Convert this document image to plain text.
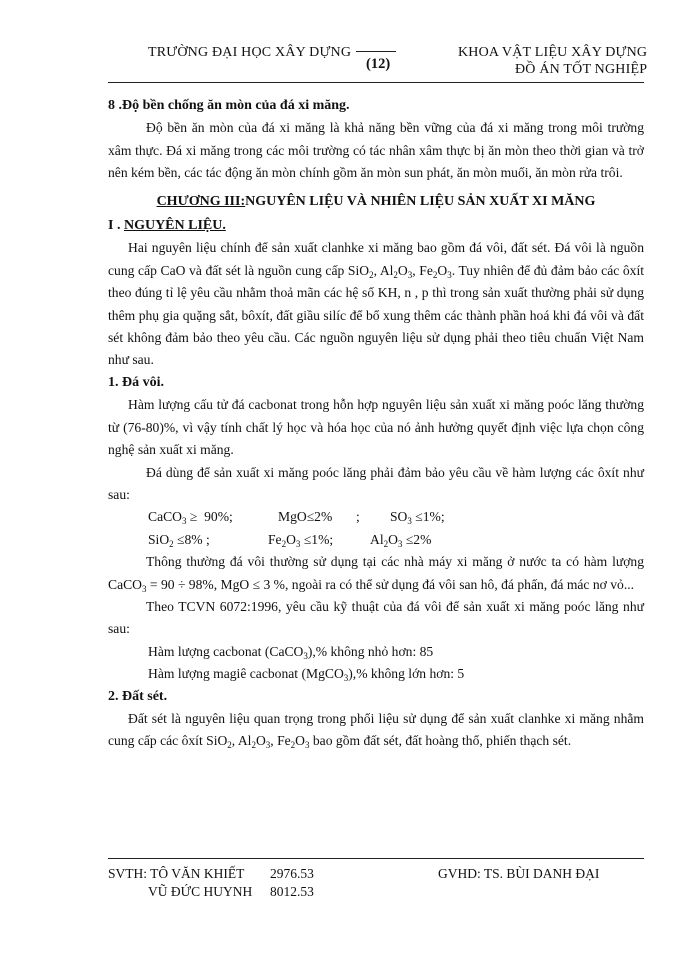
TRƯỜNG ĐẠI HỌC XÂY DỰNG
(12)
KHOA VẬT LIỆU XÂY DỰNG
ĐỒ ÁN TỐT NGHIỆP
8 .Độ bền chống ăn mòn của đá xi măng.

Độ bền ăn mòn của đá xi măng là khả năng bền vững của đá xi măng trong môi trường xâm thực. Đá xi măng trong các môi trường có tác nhân xâm thực bị ăn mòn theo thời gian và trở nên kém bền, các tác động ăn mòn chính gồm ăn mòn sun phát, ăn mòn muối, ăn mòn rửa trôi.

CHƯƠNG III:NGUYÊN LIỆU VÀ NHIÊN LIỆU SẢN XUẤT XI MĂNG
I . NGUYÊN LIỆU.

Hai nguyên liệu chính để sản xuất clanhke xi măng bao gồm đá vôi, đất sét. Đá vôi là nguồn cung cấp CaO và đất sét là nguồn cung cấp SiO$_2$, $Al_2O_3$, $Fe_2O_3$. Tuy nhiên để đủ đảm bảo các ôxít theo đúng tỉ lệ yêu cầu nhằm thoả mãn các hệ số KH, n , p thì trong sản xuất thường phải sử dụng thêm phụ gia quặng sắt, bôxít, đất giầu silíc để bổ xung thêm các thành phần hoá khi đá vôi và đất sét không đảm bảo theo yêu cầu. Các nguồn nguyên liệu sử dụng phải theo tiêu chuẩn Việt Nam như sau.

1. Đá vôi.

Hàm lượng cấu tử đá cacbonat trong hỗn hợp nguyên liệu sản xuất xi măng poóc lăng thường từ (76-80)%, vì vậy tính chất lý học và hóa học của nó ảnh hưởng quyết định việc lựa chọn công nghệ sản xuất xi măng.

Đá dùng để sản xuất xi măng poóc lăng phải đảm bảo yêu cầu về hàm lượng các ôxít như sau:

CaCO$_3$ ≥  90%;	MgO≤2% ; $SO_3 \le 1\%$;
SiO$_2$ ≤8% ;	$Fe_2O_3 \le 1\%$;	$Al_2O_3 \le 2\%$

Thông thường đá vôi thường sử dụng tại các nhà máy xi măng ở nước ta có hàm lượng CaCO$_3$ = 90 ÷ 98%, MgO ≤ 3 %, ngoài ra có thể sử dụng đá vôi san hô, đá phấn, đá mác nơ vỏ...

Theo TCVN 6072:1996, yêu cầu kỹ thuật của đá vôi để sản xuất xi măng poóc lăng như sau:

Hàm lượng cacbonat (CaCO$_3$),% không nhỏ hơn: 85
Hàm lượng magiê cacbonat (MgCO$_3$),% không lớn hơn: 5
2. Đất sét.

Đất sét là nguyên liệu quan trọng trong phối liệu sử dụng để sản xuất clanhke xi măng nhằm cung cấp các ôxít SiO$_2$, $Al_2O_3$, $Fe_2O_3$ bao gồm đất sét, đất hoàng thổ, phiến thạch sét.

SVTH: TÔ VĂN KHIẾT 2976.53
VŨ ĐỨC HUYNH 8012.53
GVHD: TS. BÙI DANH ĐẠI
